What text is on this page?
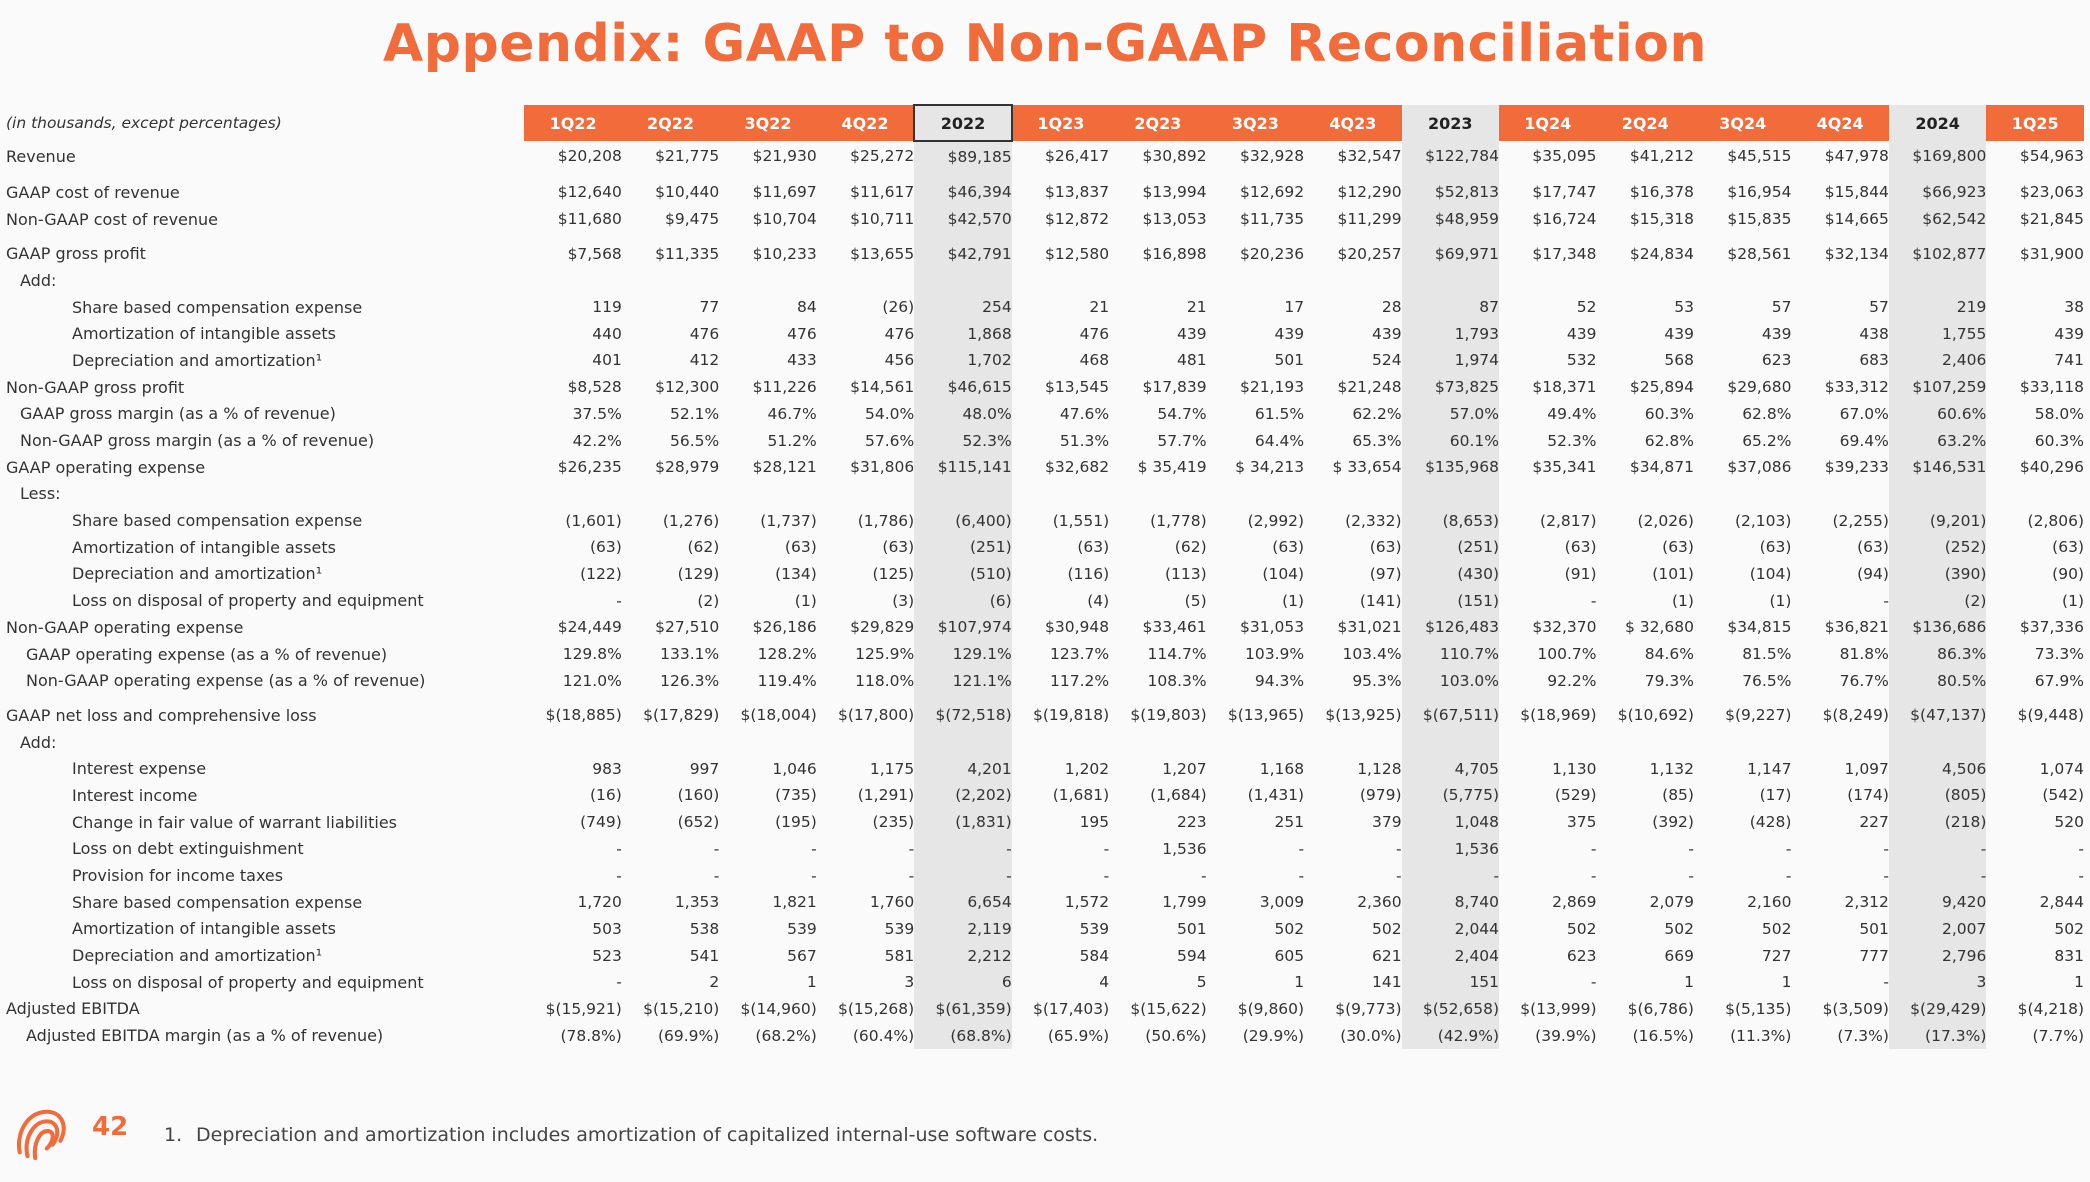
Appendix: GAAP to Non-GAAP Reconciliation
(in thousands, except percentages)	1Q22	2Q22	3Q22	4Q22	2022	1Q23	2Q23	3Q23	4Q23	2023	1Q24	2Q24	3Q24	4Q24	2024	1Q25
Revenue	$20,208	$21,775	$21,930	$25,272	$89,185	$26,417	$30,892	$32,928	$32,547	$122,784	$35,095	$41,212	$45,515	$47,978	$169,800	$54,963

GAAP cost of revenue	$12,640	$10,440	$11,697	$11,617	$46,394	$13,837	$13,994	$12,692	$12,290	$52,813	$17,747	$16,378	$16,954	$15,844	$66,923	$23,063
Non-GAAP cost of revenue	$11,680	$9,475	$10,704	$10,711	$42,570	$12,872	$13,053	$11,735	$11,299	$48,959	$16,724	$15,318	$15,835	$14,665	$62,542	$21,845

GAAP gross profit	$7,568	$11,335	$10,233	$13,655	$42,791	$12,580	$16,898	$20,236	$20,257	$69,971	$17,348	$24,834	$28,561	$32,134	$102,877	$31,900
Add:																
Share based compensation expense	119	77	84	(26)	254	21	21	17	28	87	52	53	57	57	219	38
Amortization of intangible assets	440	476	476	476	1,868	476	439	439	439	1,793	439	439	439	438	1,755	439
Depreciation and amortization¹	401	412	433	456	1,702	468	481	501	524	1,974	532	568	623	683	2,406	741
Non-GAAP gross profit	$8,528	$12,300	$11,226	$14,561	$46,615	$13,545	$17,839	$21,193	$21,248	$73,825	$18,371	$25,894	$29,680	$33,312	$107,259	$33,118
GAAP gross margin (as a % of revenue)	37.5%	52.1%	46.7%	54.0%	48.0%	47.6%	54.7%	61.5%	62.2%	57.0%	49.4%	60.3%	62.8%	67.0%	60.6%	58.0%
Non-GAAP gross margin (as a % of revenue)	42.2%	56.5%	51.2%	57.6%	52.3%	51.3%	57.7%	64.4%	65.3%	60.1%	52.3%	62.8%	65.2%	69.4%	63.2%	60.3%
GAAP operating expense	$26,235	$28,979	$28,121	$31,806	$115,141	$32,682	$ 35,419	$ 34,213	$ 33,654	$135,968	$35,341	$34,871	$37,086	$39,233	$146,531	$40,296
Less:																
Share based compensation expense	(1,601)	(1,276)	(1,737)	(1,786)	(6,400)	(1,551)	(1,778)	(2,992)	(2,332)	(8,653)	(2,817)	(2,026)	(2,103)	(2,255)	(9,201)	(2,806)
Amortization of intangible assets	(63)	(62)	(63)	(63)	(251)	(63)	(62)	(63)	(63)	(251)	(63)	(63)	(63)	(63)	(252)	(63)
Depreciation and amortization¹	(122)	(129)	(134)	(125)	(510)	(116)	(113)	(104)	(97)	(430)	(91)	(101)	(104)	(94)	(390)	(90)
Loss on disposal of property and equipment	-	(2)	(1)	(3)	(6)	(4)	(5)	(1)	(141)	(151)	-	(1)	(1)	-	(2)	(1)
Non-GAAP operating expense	$24,449	$27,510	$26,186	$29,829	$107,974	$30,948	$33,461	$31,053	$31,021	$126,483	$32,370	$ 32,680	$34,815	$36,821	$136,686	$37,336
GAAP operating expense (as a % of revenue)	129.8%	133.1%	128.2%	125.9%	129.1%	123.7%	114.7%	103.9%	103.4%	110.7%	100.7%	84.6%	81.5%	81.8%	86.3%	73.3%
Non-GAAP operating expense (as a % of revenue)	121.0%	126.3%	119.4%	118.0%	121.1%	117.2%	108.3%	94.3%	95.3%	103.0%	92.2%	79.3%	76.5%	76.7%	80.5%	67.9%

GAAP net loss and comprehensive loss	$(18,885)	$(17,829)	$(18,004)	$(17,800)	$(72,518)	$(19,818)	$(19,803)	$(13,965)	$(13,925)	$(67,511)	$(18,969)	$(10,692)	$(9,227)	$(8,249)	$(47,137)	$(9,448)
Add:																
Interest expense	983	997	1,046	1,175	4,201	1,202	1,207	1,168	1,128	4,705	1,130	1,132	1,147	1,097	4,506	1,074
Interest income	(16)	(160)	(735)	(1,291)	(2,202)	(1,681)	(1,684)	(1,431)	(979)	(5,775)	(529)	(85)	(17)	(174)	(805)	(542)
Change in fair value of warrant liabilities	(749)	(652)	(195)	(235)	(1,831)	195	223	251	379	1,048	375	(392)	(428)	227	(218)	520
Loss on debt extinguishment	-	-	-	-	-	-	1,536	-	-	1,536	-	-	-	-	-	-
Provision for income taxes	-	-	-	-	-	-	-	-	-	-	-	-	-	-	-	-
Share based compensation expense	1,720	1,353	1,821	1,760	6,654	1,572	1,799	3,009	2,360	8,740	2,869	2,079	2,160	2,312	9,420	2,844
Amortization of intangible assets	503	538	539	539	2,119	539	501	502	502	2,044	502	502	502	501	2,007	502
Depreciation and amortization¹	523	541	567	581	2,212	584	594	605	621	2,404	623	669	727	777	2,796	831
Loss on disposal of property and equipment	-	2	1	3	6	4	5	1	141	151	-	1	1	-	3	1
Adjusted EBITDA	$(15,921)	$(15,210)	$(14,960)	$(15,268)	$(61,359)	$(17,403)	$(15,622)	$(9,860)	$(9,773)	$(52,658)	$(13,999)	$(6,786)	$(5,135)	$(3,509)	$(29,429)	$(4,218)
Adjusted EBITDA margin (as a % of revenue)	(78.8%)	(69.9%)	(68.2%)	(60.4%)	(68.8%)	(65.9%)	(50.6%)	(29.9%)	(30.0%)	(42.9%)	(39.9%)	(16.5%)	(11.3%)	(7.3%)	(17.3%)	(7.7%)
42 1. Depreciation and amortization includes amortization of capitalized internal-use software costs.
